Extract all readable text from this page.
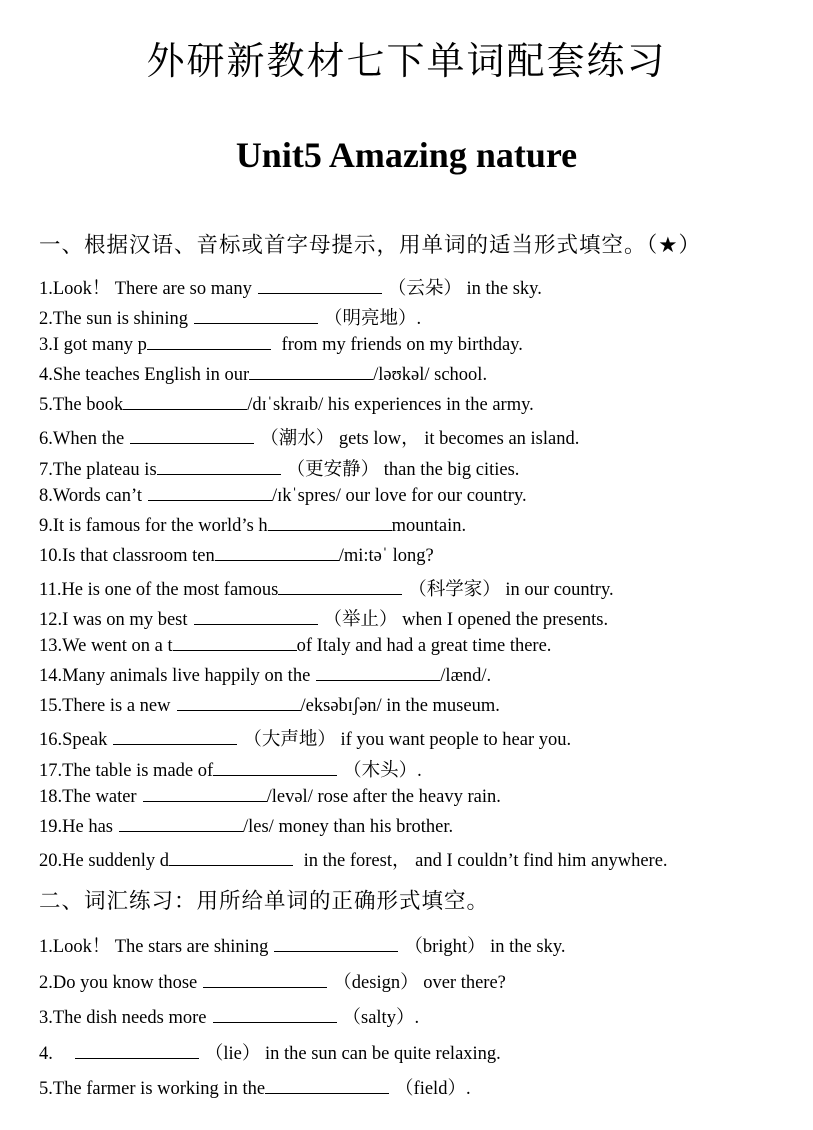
外研新教材七下单词配套练习
Unit5 Amazing nature
一、根据汉语、音标或首字母提示，用单词的适当形式填空。（★）
1.Look！ There are so many	（云朵） in the sky.
2.The sun is shining	（明亮地）.
3.I got many p	from my friends on my birthday.
4.She teaches English in our	/ləʊkəl/ school.
5.The book	/dɪˈskraɪb/ his experiences in the army.
6.When the	（潮水） gets low， it becomes an island.
7.The plateau is	（更安静） than the big cities.
8.Words can’t	/ɪkˈspres/ our love for our country.
9.It is famous for the world’s h	mountain.
10.Is that classroom ten	/mi:təˈ long?
11.He is one of the most famous	（科学家） in our country.
12.I was on my best	（举止） when I opened the presents.
13.We went on a t	of Italy and had a great time there.
14.Many animals live happily on the	/lænd/.
15.There is a new	/eksəbɪʃən/ in the museum.
16.Speak	（大声地） if you want people to hear you.
17.The table is made of	（木头）.
18.The water	/levəl/ rose after the heavy rain.
19.He has	/les/ money than his brother.
20.He suddenly d	in the forest， and I couldn’t find him anywhere.
二、词汇练习：用所给单词的正确形式填空。
1.Look！ The stars are shining	（bright） in the sky.
2.Do you know those	（design） over there?
3.The dish needs more	（salty）.
4.	（lie） in the sun can be quite relaxing.
5.The farmer is working in the	（field）.
